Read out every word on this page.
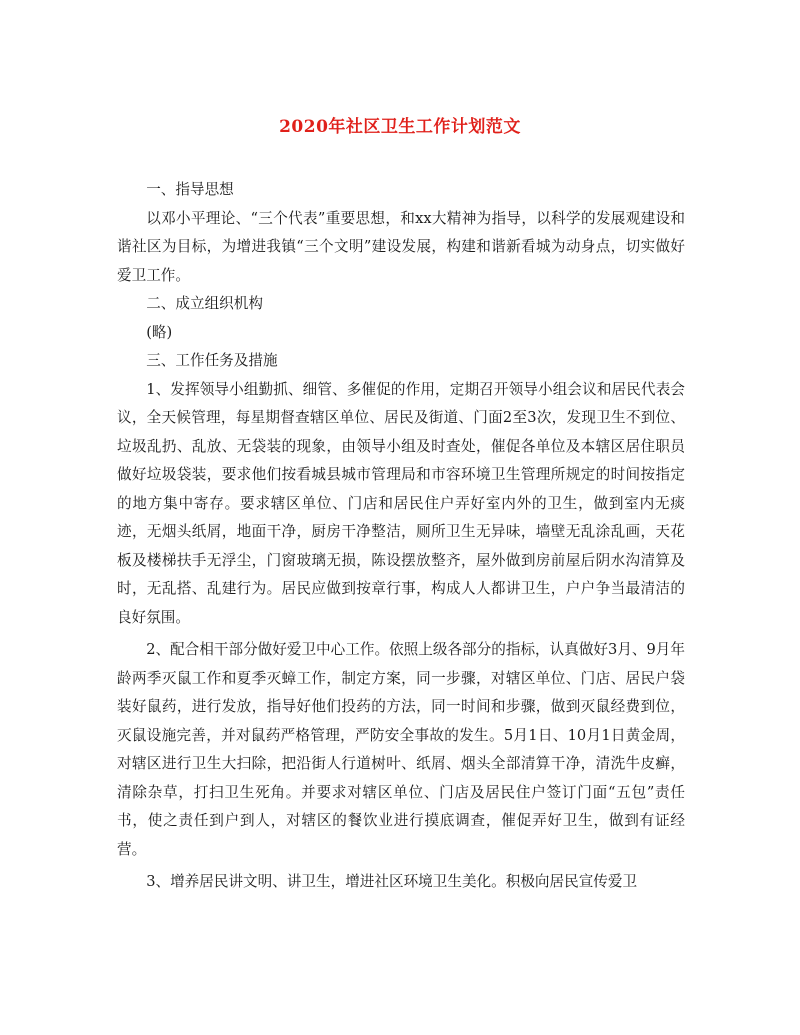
2020年社区卫生工作计划范文

一、指导思想

以邓小平理论、“三个代表”重要思想，和xx大精神为指导，以科学的发展观建设和谐社区为目标，为增进我镇“三个文明”建设发展，构建和谐新看城为动身点，切实做好爱卫工作。

二、成立组织机构

(略)

三、工作任务及措施

1、发挥领导小组勤抓、细管、多催促的作用，定期召开领导小组会议和居民代表会议，全天候管理，每星期督查辖区单位、居民及街道、门面2至3次，发现卫生不到位、垃圾乱扔、乱放、无袋装的现象，由领导小组及时查处，催促各单位及本辖区居住职员做好垃圾袋装，要求他们按看城县城市管理局和市容环境卫生管理所规定的时间按指定的地方集中寄存。要求辖区单位、门店和居民住户弄好室内外的卫生，做到室内无痰迹，无烟头纸屑，地面干净，厨房干净整洁，厕所卫生无异味，墙壁无乱涂乱画，天花板及楼梯扶手无浮尘，门窗玻璃无损，陈设摆放整齐，屋外做到房前屋后阴水沟清算及时，无乱搭、乱建行为。居民应做到按章行事，构成人人都讲卫生，户户争当最清洁的良好氛围。

2、配合相干部分做好爱卫中心工作。依照上级各部分的指标，认真做好3月、9月年龄两季灭鼠工作和夏季灭蟑工作，制定方案，同一步骤，对辖区单位、门店、居民户袋装好鼠药，进行发放，指导好他们投药的方法，同一时间和步骤，做到灭鼠经费到位，灭鼠设施完善，并对鼠药严格管理，严防安全事故的发生。5月1日、10月1日黄金周，对辖区进行卫生大扫除，把沿街人行道树叶、纸屑、烟头全部清算干净，清洗牛皮癣，清除杂草，打扫卫生死角。并要求对辖区单位、门店及居民住户签订门面“五包”责任书，使之责任到户到人，对辖区的餐饮业进行摸底调查，催促弄好卫生，做到有证经营。

3、增养居民讲文明、讲卫生，增进社区环境卫生美化。积极向居民宣传爱卫
